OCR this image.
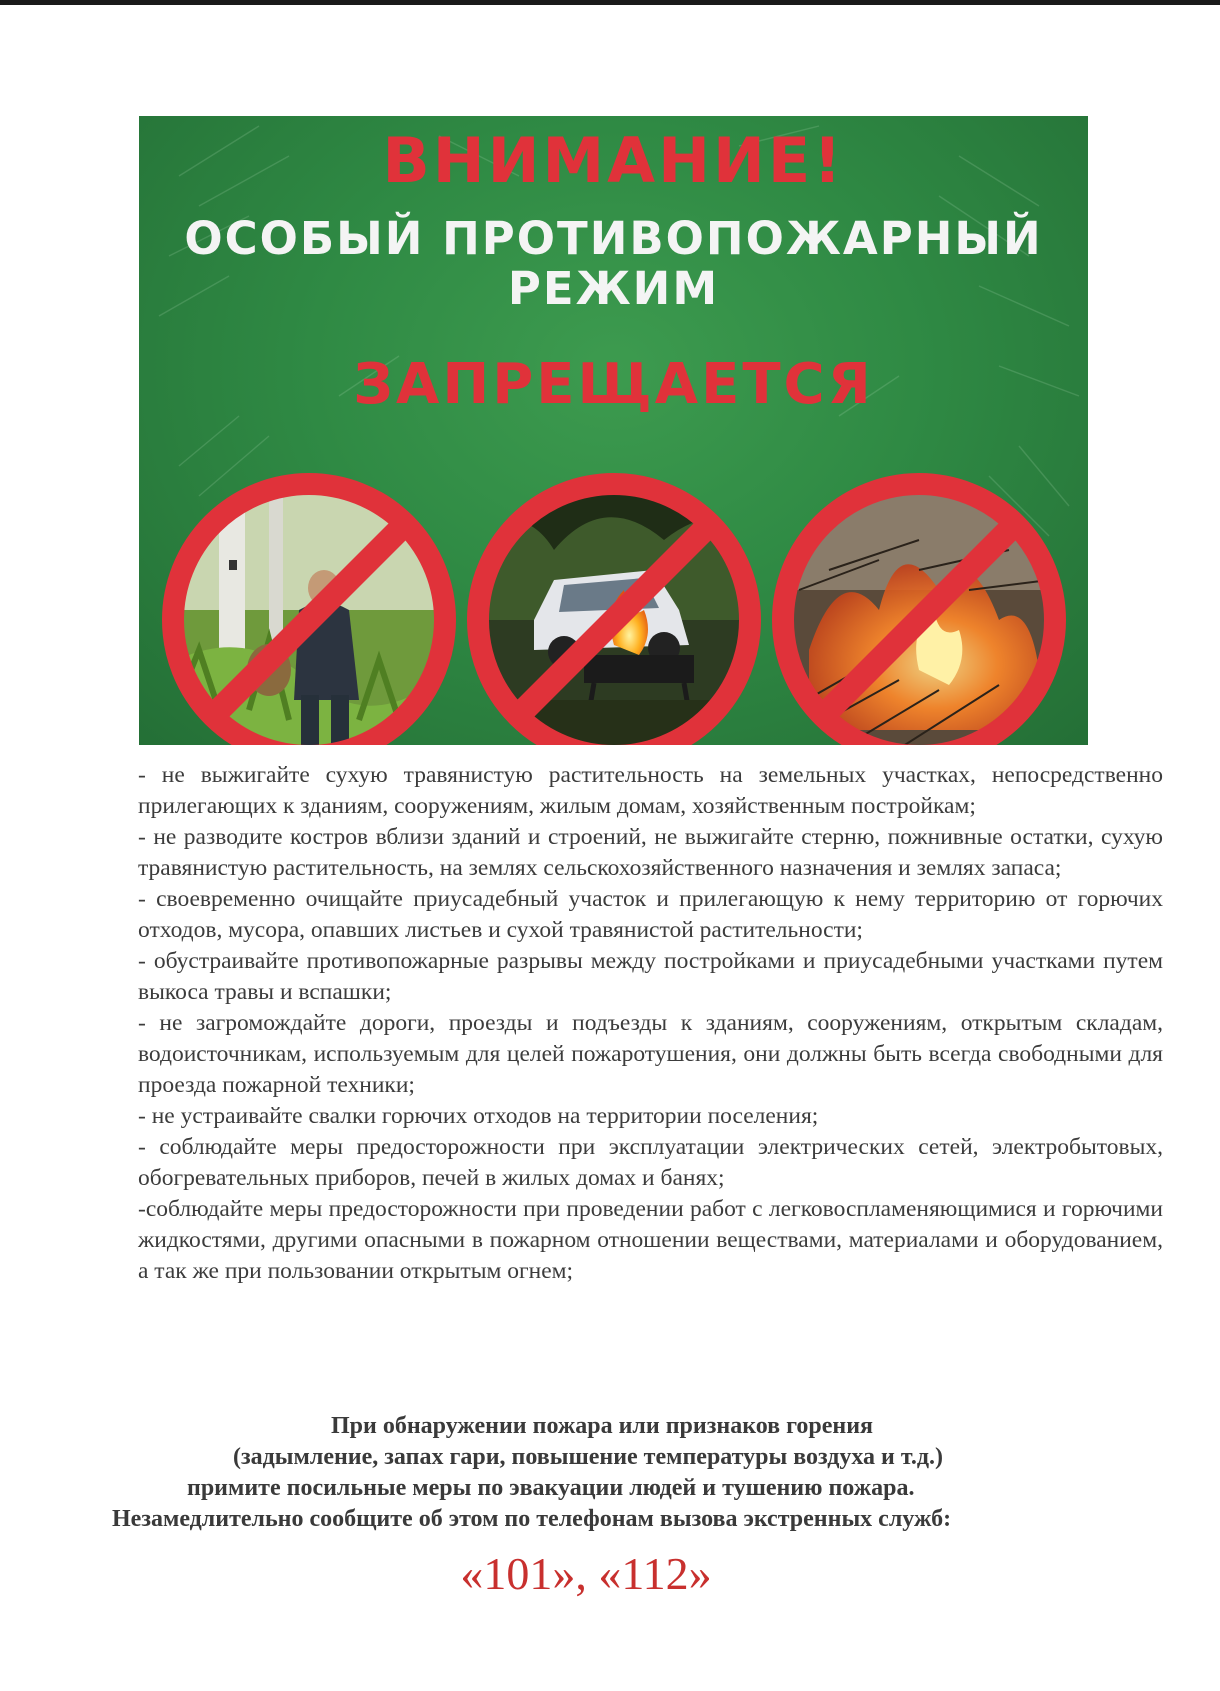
ВНИМАНИЕ!
ОСОБЫЙ ПРОТИВОПОЖАРНЫЙ
РЕЖИМ
ЗАПРЕЩАЕТСЯ

- не выжигайте сухую травянистую растительность на земельных участках, непосредственно прилегающих к зданиям, сооружениям, жилым домам, хозяйственным постройкам;

- не разводите костров вблизи зданий и строений, не выжигайте стерню, пожнивные остатки, сухую травянистую растительность, на землях сельскохозяйственного назначения и землях запаса;

- своевременно очищайте приусадебный участок и прилегающую к нему территорию от горючих отходов, мусора, опавших листьев и сухой травянистой растительности;

- обустраивайте противопожарные разрывы между постройками и приусадебными участками путем выкоса травы и вспашки;

- не загромождайте дороги, проезды и подъезды к зданиям, сооружениям, открытым складам, водоисточникам, используемым для целей пожаротушения, они должны быть всегда свободными для проезда пожарной техники;

- не устраивайте свалки горючих отходов на территории поселения;

- соблюдайте меры предосторожности при эксплуатации электрических сетей, электробытовых, обогревательных приборов, печей в жилых домах и банях;

-соблюдайте меры предосторожности при проведении работ с легковоспламеняющимися и горючими жидкостями, другими опасными в пожарном отношении веществами, материалами и оборудованием, а так же при пользовании открытым огнем;

При обнаружении пожара или признаков горения
(задымление, запах гари, повышение температуры воздуха и т.д.)
примите посильные меры по эвакуации людей и тушению пожара.
Незамедлительно сообщите об этом по телефонам вызова экстренных служб:
«101», «112»
